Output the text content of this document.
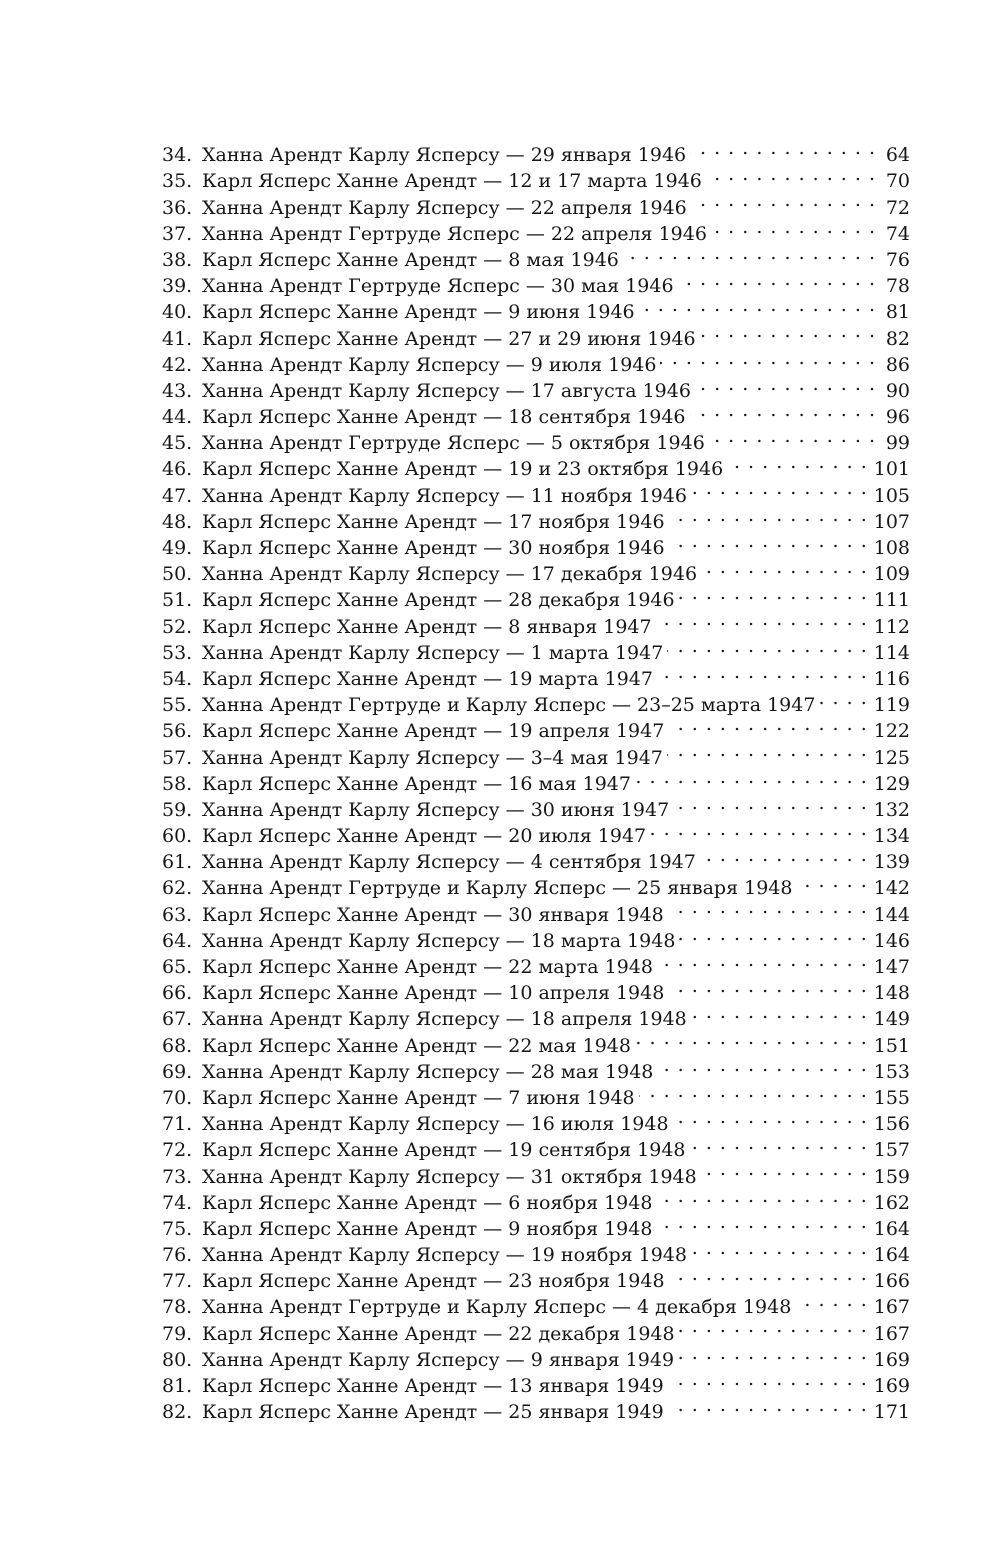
34. Ханна Арендт Карлу Ясперсу — 29 января 1946 . . .	64
35. Карл Ясперс Ханне Арендт — 12 и 17 марта 1946 . . .	70
36. Ханна Арендт Карлу Ясперсу — 22 апреля 1946 . . .	72
37. Ханна Арендт Гертруде Ясперс — 22 апреля 1946 . . .	74
38. Карл Ясперс Ханне Арендт — 8 мая 1946 . . .	76
39. Ханна Арендт Гертруде Ясперс — 30 мая 1946 . . .	78
40. Карл Ясперс Ханне Арендт — 9 июня 1946 . . .	81
41. Карл Ясперс Ханне Арендт — 27 и 29 июня 1946 . . .	82
42. Ханна Арендт Карлу Ясперсу — 9 июля 1946 . . .	86
43. Ханна Арендт Карлу Ясперсу — 17 августа 1946 . . .	90
44. Карл Ясперс Ханне Арендт — 18 сентября 1946 . . .	96
45. Ханна Арендт Гертруде Ясперс — 5 октября 1946 . . .	99
46. Карл Ясперс Ханне Арендт — 19 и 23 октября 1946 . . .	101
47. Ханна Арендт Карлу Ясперсу — 11 ноября 1946 . . .	105
48. Карл Ясперс Ханне Арендт — 17 ноября 1946 . . .	107
49. Карл Ясперс Ханне Арендт — 30 ноября 1946 . . .	108
50. Ханна Арендт Карлу Ясперсу — 17 декабря 1946 . . .	109
51. Карл Ясперс Ханне Арендт — 28 декабря 1946 . . .	111
52. Карл Ясперс Ханне Арендт — 8 января 1947 . . .	112
53. Ханна Арендт Карлу Ясперсу — 1 марта 1947 . . .	114
54. Карл Ясперс Ханне Арендт — 19 марта 1947 . . .	116
55. Ханна Арендт Гертруде и Карлу Ясперс — 23–25 марта 1947 . . .	119
56. Карл Ясперс Ханне Арендт — 19 апреля 1947 . . .	122
57. Ханна Арендт Карлу Ясперсу — 3–4 мая 1947 . . .	125
58. Карл Ясперс Ханне Арендт — 16 мая 1947 . . .	129
59. Ханна Арендт Карлу Ясперсу — 30 июня 1947 . . .	132
60. Карл Ясперс Ханне Арендт — 20 июля 1947 . . .	134
61. Ханна Арендт Карлу Ясперсу — 4 сентября 1947 . . .	139
62. Ханна Арендт Гертруде и Карлу Ясперс — 25 января 1948 . . .	142
63. Карл Ясперс Ханне Арендт — 30 января 1948 . . .	144
64. Ханна Арендт Карлу Ясперсу — 18 марта 1948 . . .	146
65. Карл Ясперс Ханне Арендт — 22 марта 1948 . . .	147
66. Карл Ясперс Ханне Арендт — 10 апреля 1948 . . .	148
67. Ханна Арендт Карлу Ясперсу — 18 апреля 1948 . . .	149
68. Карл Ясперс Ханне Арендт — 22 мая 1948 . . .	151
69. Ханна Арендт Карлу Ясперсу — 28 мая 1948 . . .	153
70. Карл Ясперс Ханне Арендт — 7 июня 1948 . . .	155
71. Ханна Арендт Карлу Ясперсу — 16 июля 1948 . . .	156
72. Карл Ясперс Ханне Арендт — 19 сентября 1948 . . .	157
73. Ханна Арендт Карлу Ясперсу — 31 октября 1948 . . .	159
74. Карл Ясперс Ханне Арендт — 6 ноября 1948 . . .	162
75. Карл Ясперс Ханне Арендт — 9 ноября 1948 . . .	164
76. Ханна Арендт Карлу Ясперсу — 19 ноября 1948 . . .	164
77. Карл Ясперс Ханне Арендт — 23 ноября 1948 . . .	166
78. Ханна Арендт Гертруде и Карлу Ясперс — 4 декабря 1948 . . .	167
79. Карл Ясперс Ханне Арендт — 22 декабря 1948 . . .	167
80. Ханна Арендт Карлу Ясперсу — 9 января 1949 . . .	169
81. Карл Ясперс Ханне Арендт — 13 января 1949 . . .	169
82. Карл Ясперс Ханне Арендт — 25 января 1949 . . .	171
